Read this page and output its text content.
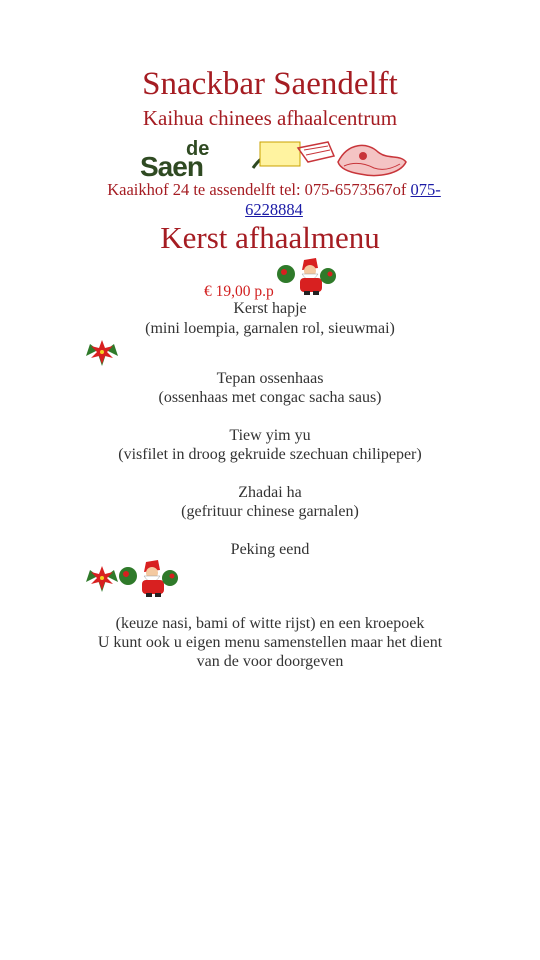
Snackbar Saendelft
Kaihua chinees afhaalcentrum
de
Saen
Kaaikhof 24 te assendelft tel: 075-6573567of 075-6228884
Kerst afhaalmenu
€ 19,00 p.p
Kerst hapje
(mini loempia, garnalen rol, sieuwmai)
Tepan ossenhaas
(ossenhaas met congac sacha saus)
Tiew yim yu
(visfilet in droog gekruide szechuan chilipeper)
Zhadai ha
(gefrituur chinese garnalen)
Peking eend
(keuze nasi, bami of witte rijst) en een kroepoek
U kunt ook u eigen menu samenstellen maar het dient
van de voor doorgeven
